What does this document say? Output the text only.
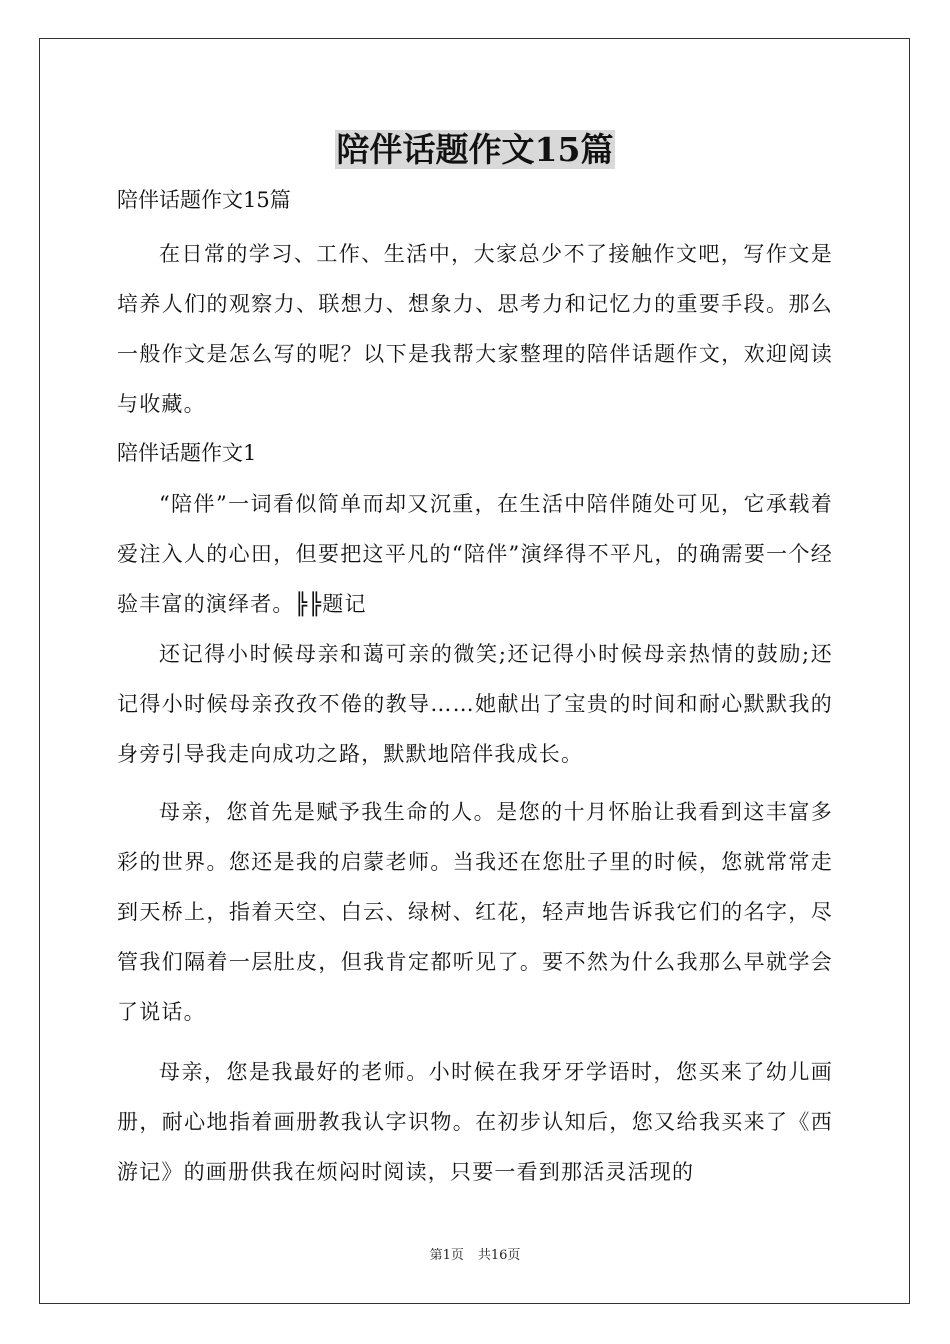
陪伴话题作文15篇

陪伴话题作文15篇

在日常的学习、工作、生活中，大家总少不了接触作文吧，写作文是培养人们的观察力、联想力、想象力、思考力和记忆力的重要手段。那么一般作文是怎么写的呢？以下是我帮大家整理的陪伴话题作文，欢迎阅读与收藏。

陪伴话题作文1

“陪伴”一词看似简单而却又沉重，在生活中陪伴随处可见，它承载着爱注入人的心田，但要把这平凡的“陪伴”演绎得不平凡，的确需要一个经验丰富的演绎者。╠╠题记

还记得小时候母亲和蔼可亲的微笑;还记得小时候母亲热情的鼓励;还记得小时候母亲孜孜不倦的教导……她献出了宝贵的时间和耐心默默我的身旁引导我走向成功之路，默默地陪伴我成长。

母亲，您首先是赋予我生命的人。是您的十月怀胎让我看到这丰富多彩的世界。您还是我的启蒙老师。当我还在您肚子里的时候，您就常常走到天桥上，指着天空、白云、绿树、红花，轻声地告诉我它们的名字，尽管我们隔着一层肚皮，但我肯定都听见了。要不然为什么我那么早就学会了说话。

母亲，您是我最好的老师。小时候在我牙牙学语时，您买来了幼儿画册，耐心地指着画册教我认字识物。在初步认知后，您又给我买来了《西游记》的画册供我在烦闷时阅读，只要一看到那活灵活现的

第1页 共16页
